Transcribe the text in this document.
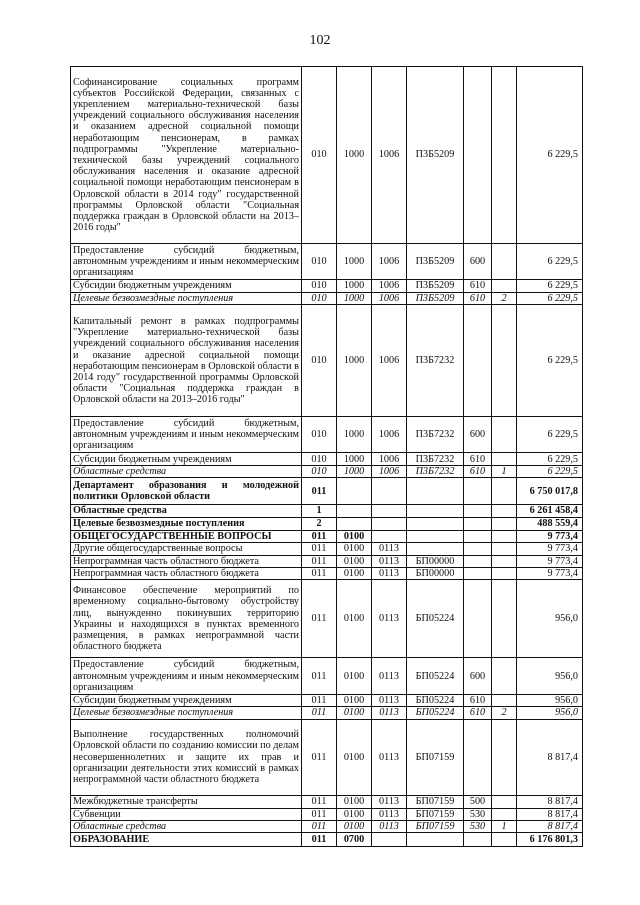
102
Софинансирование социальных программ субъектов Российской Федерации, связанных с укреплением материально-технической базы учреждений социального обслуживания населения и оказанием адресной социальной помощи неработающим пенсионерам, в рамках подпрограммы "Укрепление материально-технической базы учреждений социального обслуживания населения и оказание адресной социальной помощи неработающим пенсионерам в Орловской области в 2014 году" государственной программы Орловской области "Социальная поддержка граждан в Орловской области на 2013–2016 годы"	010	1000	1006	П3Б5209			6 229,5
Предоставление субсидий бюджетным, автономным учреждениям и иным некоммерческим организациям	010	1000	1006	П3Б5209	600		6 229,5
Субсидии бюджетным учреждениям	010	1000	1006	П3Б5209	610		6 229,5
Целевые безвозмездные поступления	010	1000	1006	П3Б5209	610	2	6 229,5
Капитальный ремонт в рамках подпрограммы "Укрепление материально-технической базы учреждений социального обслуживания населения и оказание адресной социальной помощи неработающим пенсионерам в Орловской области в 2014 году" государственной программы Орловской области "Социальная поддержка граждан в Орловской области на 2013–2016 годы"	010	1000	1006	П3Б7232			6 229,5
Предоставление субсидий бюджетным, автономным учреждениям и иным некоммерческим организациям	010	1000	1006	П3Б7232	600		6 229,5
Субсидии бюджетным учреждениям	010	1000	1006	П3Б7232	610		6 229,5
Областные средства	010	1000	1006	П3Б7232	610	1	6 229,5
Департамент образования и молодежной политики Орловской области	011						6 750 017,8
Областные средства	1						6 261 458,4
Целевые безвозмездные поступления	2						488 559,4
ОБЩЕГОСУДАРСТВЕННЫЕ ВОПРОСЫ	011	0100					9 773,4
Другие общегосударственные вопросы	011	0100	0113				9 773,4
Непрограммная часть областного бюджета	011	0100	0113	БП00000			9 773,4
Непрограммная часть областного бюджета	011	0100	0113	БП00000			9 773,4
Финансовое обеспечение мероприятий по временному социально-бытовому обустройству лиц, вынужденно покинувших территорию Украины и находящихся в пунктах временного размещения, в рамках непрограммной части областного бюджета	011	0100	0113	БП05224			956,0
Предоставление субсидий бюджетным, автономным учреждениям и иным некоммерческим организациям	011	0100	0113	БП05224	600		956,0
Субсидии бюджетным учреждениям	011	0100	0113	БП05224	610		956,0
Целевые безвозмездные поступления	011	0100	0113	БП05224	610	2	956,0
Выполнение государственных полномочий Орловской области по созданию комиссии по делам несовершеннолетних и защите их прав и организации деятельности этих комиссий в рамках непрограммной части областного бюджета	011	0100	0113	БП07159			8 817,4
Межбюджетные трансферты	011	0100	0113	БП07159	500		8 817,4
Субвенции	011	0100	0113	БП07159	530		8 817,4
Областные средства	011	0100	0113	БП07159	530	1	8 817,4
ОБРАЗОВАНИЕ	011	0700					6 176 801,3
